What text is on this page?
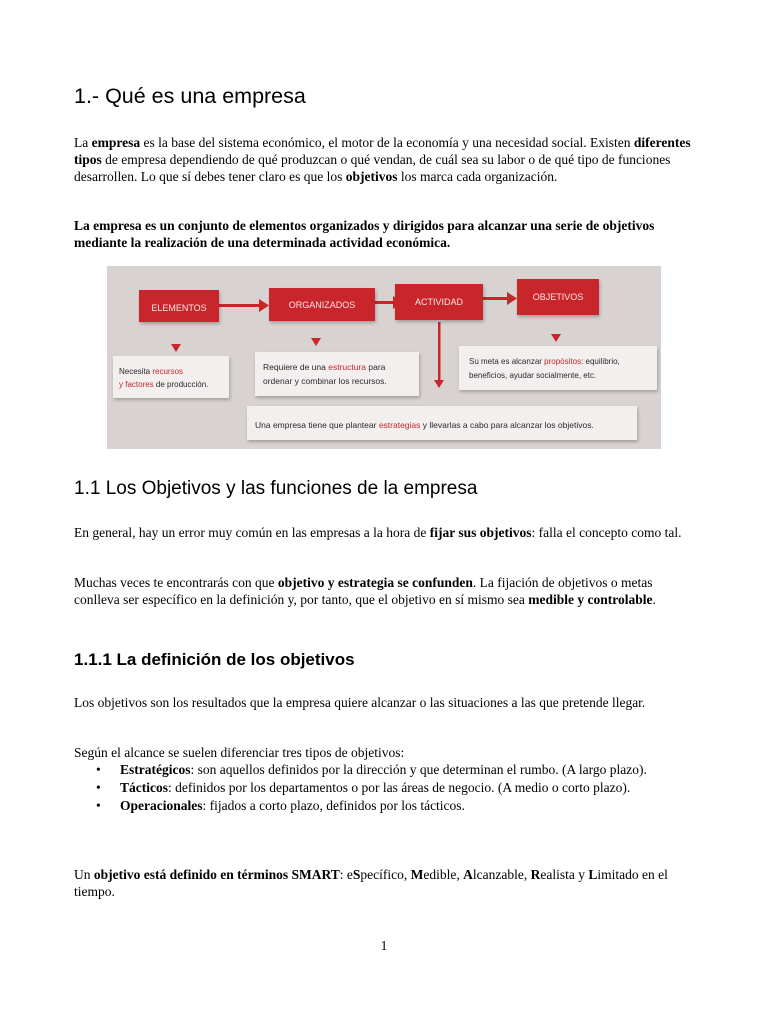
1.- Qué es una empresa
La empresa es la base del sistema económico, el motor de la economía y una necesidad social. Existen diferentes tipos de empresa dependiendo de qué produzcan o qué vendan, de cuál sea su labor o de qué tipo de funciones desarrollen. Lo que sí debes tener claro es que los objetivos los marca cada organización.
La empresa es un conjunto de elementos organizados y dirigidos para alcanzar una serie de objetivos mediante la realización de una determinada actividad económica.
ELEMENTOS	ORGANIZADOS	ACTIVIDAD	OBJETIVOS
Necesita recursos
y factores de producción.
Requiere de una estructura para
ordenar y combinar los recursos.
Su meta es alcanzar propósitos: equilibrio,
beneficios, ayudar socialmente, etc.
Una empresa tiene que plantear estrategias y llevarlas a cabo para alcanzar los objetivos.
1.1 Los Objetivos y las funciones de la empresa
En general, hay un error muy común en las empresas a la hora de fijar sus objetivos: falla el concepto como tal.
Muchas veces te encontrarás con que objetivo y estrategia se confunden. La fijación de objetivos o metas conlleva ser específico en la definición y, por tanto, que el objetivo en sí mismo sea medible y controlable.
1.1.1 La definición de los objetivos
Los objetivos son los resultados que la empresa quiere alcanzar o las situaciones a las que pretende llegar.
Según el alcance se suelen diferenciar tres tipos de objetivos:
• Estratégicos: son aquellos definidos por la dirección y que determinan el rumbo. (A largo plazo).
• Tácticos: definidos por los departamentos o por las áreas de negocio. (A medio o corto plazo).
• Operacionales: fijados a corto plazo, definidos por los tácticos.
Un objetivo está definido en términos SMART: eSpecífico, Medible, Alcanzable, Realista y Limitado en el tiempo.
1
